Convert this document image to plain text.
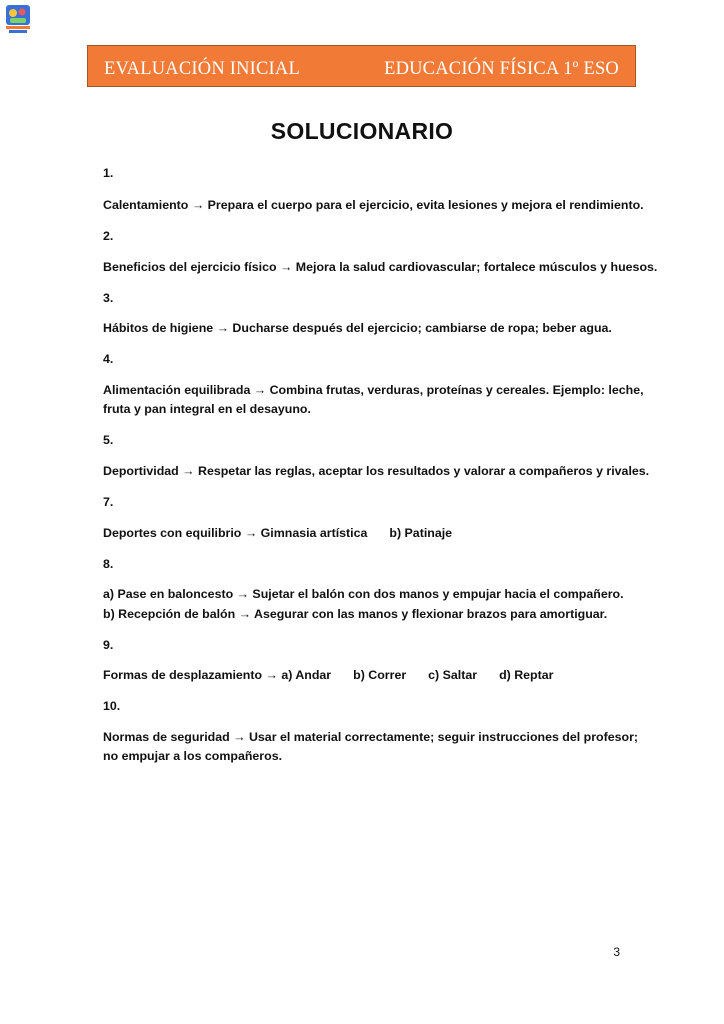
EVALUACIÓN INICIAL	EDUCACIÓN FÍSICA 1º ESO
SOLUCIONARIO
1.
Calentamiento → Prepara el cuerpo para el ejercicio, evita lesiones y mejora el rendimiento.
2.
Beneficios del ejercicio físico → Mejora la salud cardiovascular; fortalece músculos y huesos.
3.
Hábitos de higiene → Ducharse después del ejercicio; cambiarse de ropa; beber agua.
4.
Alimentación equilibrada → Combina frutas, verduras, proteínas y cereales. Ejemplo: leche,
fruta y pan integral en el desayuno.
5.
Deportividad → Respetar las reglas, aceptar los resultados y valorar a compañeros y rivales.
7.
Deportes con equilibrio → Gimnasia artística b) Patinaje
8.
a) Pase en baloncesto → Sujetar el balón con dos manos y empujar hacia el compañero.
b) Recepción de balón → Asegurar con las manos y flexionar brazos para amortiguar.
9.
Formas de desplazamiento → a) Andar b) Correr c) Saltar d) Reptar
10.
Normas de seguridad → Usar el material correctamente; seguir instrucciones del profesor;
no empujar a los compañeros.
3
